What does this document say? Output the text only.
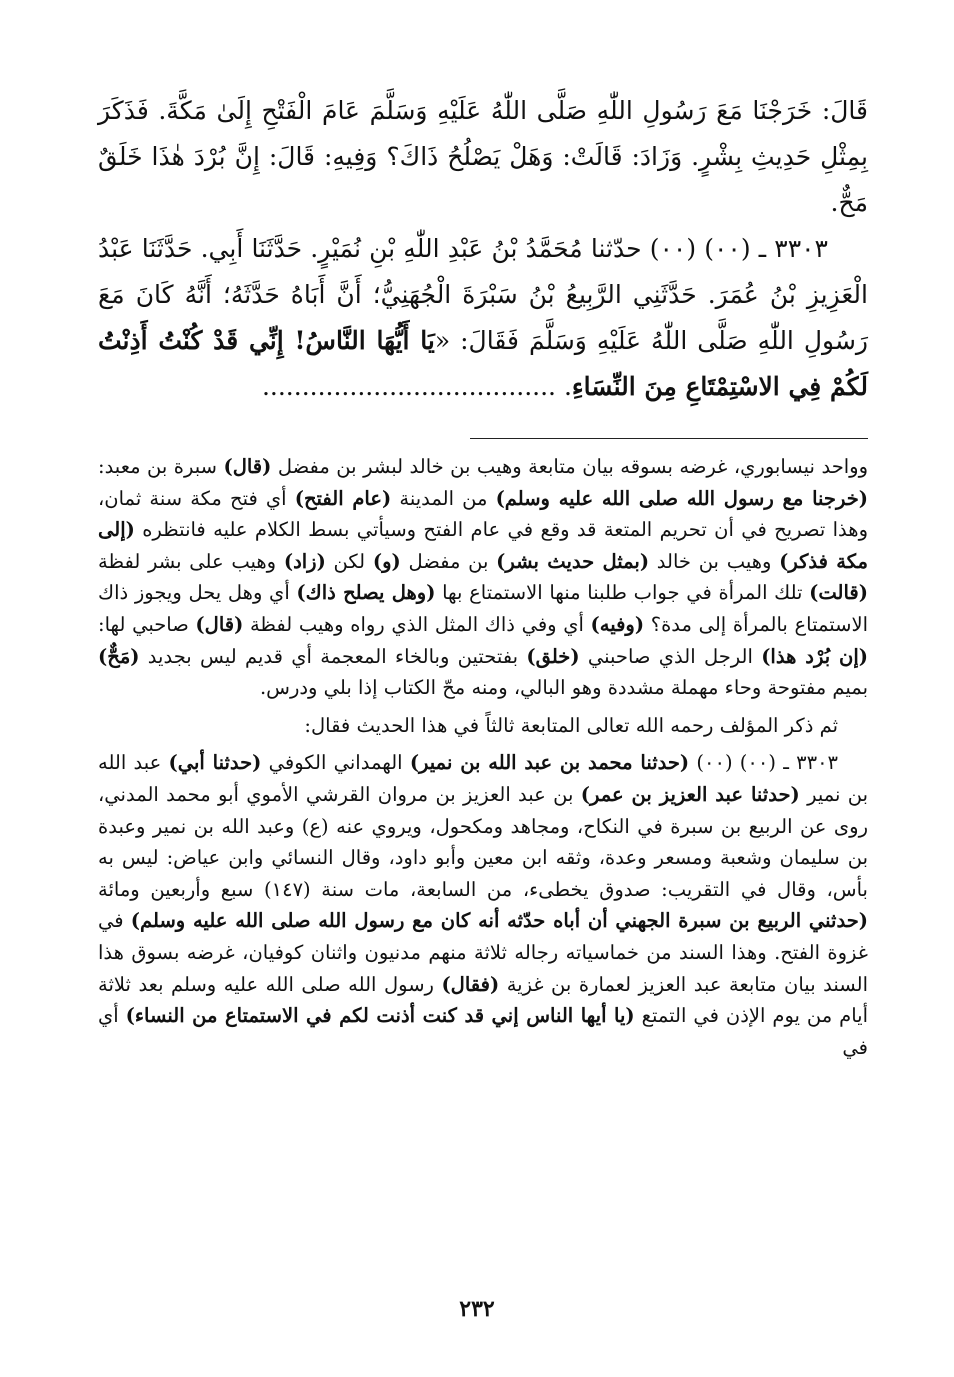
قَالَ: خَرَجْنَا مَعَ رَسُولِ اللّٰهِ صَلَّى اللّٰهُ عَلَيْهِ وَسَلَّمَ عَامَ الْفَتْحِ إِلَىٰ مَكَّةَ. فَذَكَرَ بِمِثْلِ حَدِيثِ بِشْرٍ. وَزَادَ: قَالَتْ: وَهَلْ يَصْلُحُ ذَاكَ؟ وَفِيهِ: قَالَ: إِنَّ بُرْدَ هٰذَا خَلَقٌ مَحٌّ.

٣٣٠٣ ـ (٠٠) (٠٠) حدّثنا مُحَمَّدُ بْنُ عَبْدِ اللّٰهِ بْنِ نُمَيْرٍ. حَدَّثَنَا أَبِي. حَدَّثَنَا عَبْدُ الْعَزِيزِ بْنُ عُمَرَ. حَدَّثَنِي الرَّبِيعُ بْنُ سَبْرَةَ الْجُهَنِيُّ؛ أَنَّ أَبَاهُ حَدَّثَهُ؛ أَنَّهُ كَانَ مَعَ رَسُولِ اللّٰهِ صَلَّى اللّٰهُ عَلَيْهِ وَسَلَّمَ فَقَالَ: «يَا أَيُّهَا النَّاسُ! إِنِّي قَدْ كُنْتُ أَذِنْتُ لَكُمْ فِي الاسْتِمْتَاعِ مِنَ النِّسَاءِ. .....................................

وواحد نيسابوري، غرضه بسوقه بيان متابعة وهيب بن خالد لبشر بن مفضل (قال) سبرة بن معبد: (خرجنا مع رسول الله صلى الله عليه وسلم) من المدينة (عام الفتح) أي فتح مكة سنة ثمان، وهذا تصريح في أن تحريم المتعة قد وقع في عام الفتح وسيأتي بسط الكلام عليه فانتظره (إلى مكة فذكر) وهيب بن خالد (بمثل حديث بشر) بن مفضل (و) لكن (زاد) وهيب على بشر لفظة (قالت) تلك المرأة في جواب طلبنا منها الاستمتاع بها (وهل يصلح ذاك) أي وهل يحل ويجوز ذاك الاستمتاع بالمرأة إلى مدة؟ (وفيه) أي وفي ذاك المثل الذي رواه وهيب لفظة (قال) صاحبي لها: (إن بُرْد هذا) الرجل الذي صاحبني (خلق) بفتحتين وبالخاء المعجمة أي قديم ليس بجديد (مَحٌّ) بميم مفتوحة وحاء مهملة مشددة وهو البالي، ومنه محّ الكتاب إذا بلي ودرس.

ثم ذكر المؤلف رحمه الله تعالى المتابعة ثالثاً في هذا الحديث فقال:

٣٣٠٣ ـ (٠٠) (٠٠) (حدثنا محمد بن عبد الله بن نمير) الهمداني الكوفي (حدثنا أبي) عبد الله بن نمير (حدثنا عبد العزيز بن عمر) بن عبد العزيز بن مروان القرشي الأموي أبو محمد المدني، روى عن الربيع بن سبرة في النكاح، ومجاهد ومكحول، ويروي عنه (ع) وعبد الله بن نمير وعبدة بن سليمان وشعبة ومسعر وعدة، وثقه ابن معين وأبو داود، وقال النسائي وابن عياض: ليس به بأس، وقال في التقريب: صدوق يخطىء، من السابعة، مات سنة (١٤٧) سبع وأربعين ومائة (حدثني الربيع بن سبرة الجهني أن أباه حدّثه أنه كان مع رسول الله صلى الله عليه وسلم) في غزوة الفتح. وهذا السند من خماسياته رجاله ثلاثة منهم مدنيون واثنان كوفيان، غرضه بسوق هذا السند بيان متابعة عبد العزيز لعمارة بن غزية (فقال) رسول الله صلى الله عليه وسلم بعد ثلاثة أيام من يوم الإذن في التمتع (يا أيها الناس إني قد كنت أذنت لكم في الاستمتاع من النساء) أي في

٢٣٢
